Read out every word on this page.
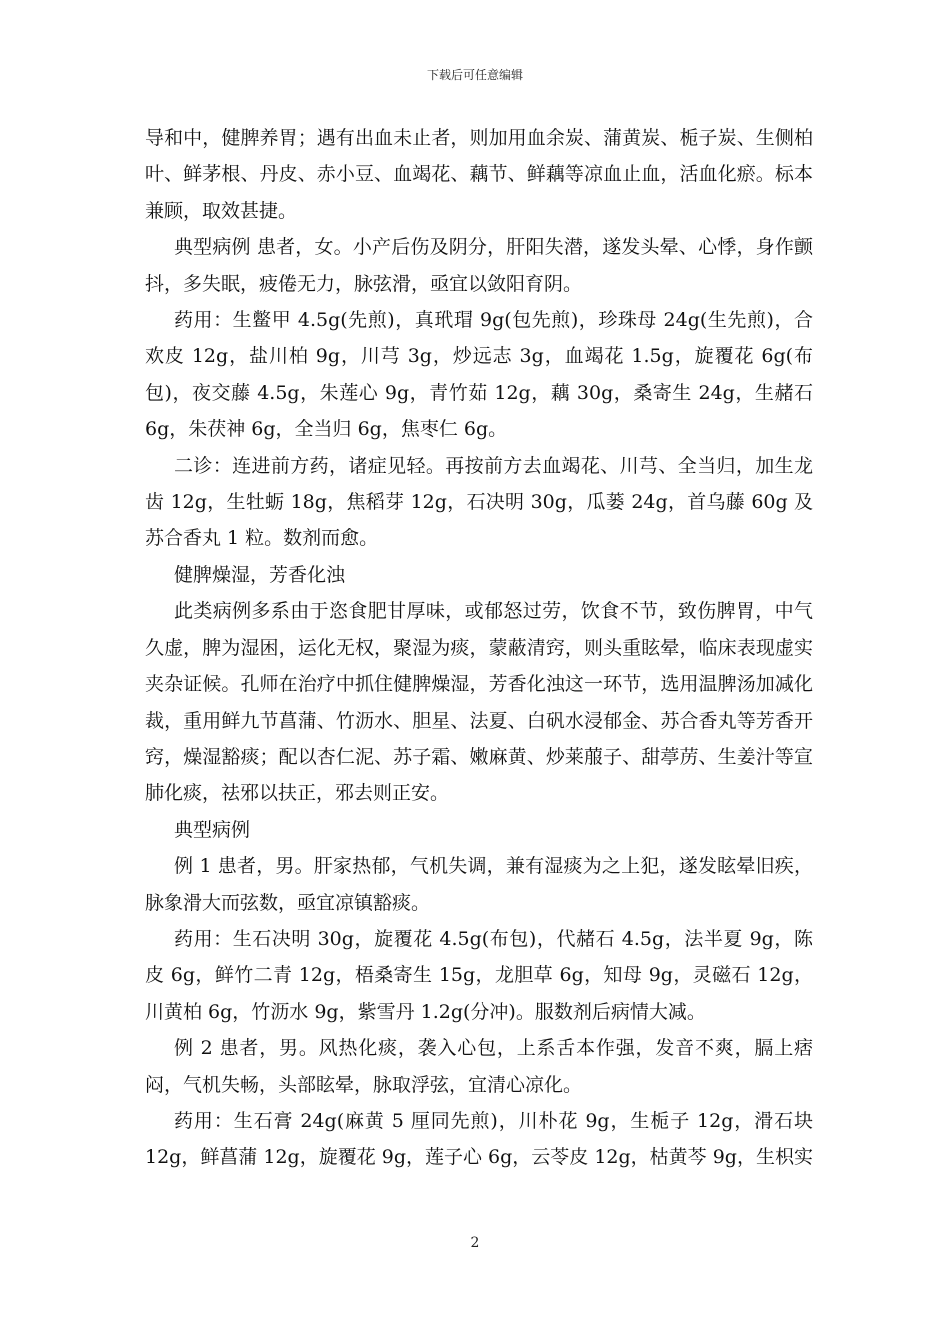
下载后可任意编辑

导和中，健脾养胃；遇有出血未止者，则加用血余炭、蒲黄炭、栀子炭、生侧柏叶、鲜茅根、丹皮、赤小豆、血竭花、藕节、鲜藕等凉血止血，活血化瘀。标本兼顾，取效甚捷。

典型病例 患者，女。小产后伤及阴分，肝阳失潜，遂发头晕、心悸，身作颤抖，多失眠，疲倦无力，脉弦滑，亟宜以敛阳育阴。

药用：生鳖甲 4.5g(先煎)，真玳瑁 9g(包先煎)，珍珠母 24g(生先煎)，合欢皮 12g，盐川柏 9g，川芎 3g，炒远志 3g，血竭花 1.5g，旋覆花 6g(布包)，夜交藤 4.5g，朱莲心 9g，青竹茹 12g，藕 30g，桑寄生 24g，生赭石 6g，朱茯神 6g，全当归 6g，焦枣仁 6g。

二诊：连进前方药，诸症见轻。再按前方去血竭花、川芎、全当归，加生龙齿 12g，生牡蛎 18g，焦稻芽 12g，石决明 30g，瓜蒌 24g，首乌藤 60g 及苏合香丸 1 粒。数剂而愈。

健脾燥湿，芳香化浊

此类病例多系由于恣食肥甘厚味，或郁怒过劳，饮食不节，致伤脾胃，中气久虚，脾为湿困，运化无权，聚湿为痰，蒙蔽清窍，则头重眩晕，临床表现虚实夹杂证候。孔师在治疗中抓住健脾燥湿，芳香化浊这一环节，选用温脾汤加减化裁，重用鲜九节菖蒲、竹沥水、胆星、法夏、白矾水浸郁金、苏合香丸等芳香开窍，燥湿豁痰；配以杏仁泥、苏子霜、嫩麻黄、炒莱菔子、甜葶苈、生姜汁等宣肺化痰，祛邪以扶正，邪去则正安。

典型病例

例 1 患者，男。肝家热郁，气机失调，兼有湿痰为之上犯，遂发眩晕旧疾，脉象滑大而弦数，亟宜凉镇豁痰。

药用：生石决明 30g，旋覆花 4.5g(布包)，代赭石 4.5g，法半夏 9g，陈皮 6g，鲜竹二青 12g，梧桑寄生 15g，龙胆草 6g，知母 9g，灵磁石 12g，川黄柏 6g，竹沥水 9g，紫雪丹 1.2g(分冲)。服数剂后病情大减。

例 2 患者，男。风热化痰，袭入心包，上系舌本作强，发音不爽，膈上痞闷，气机失畅，头部眩晕，脉取浮弦，宜清心凉化。

药用：生石膏 24g(麻黄 5 厘同先煎)，川朴花 9g，生栀子 12g，滑石块 12g，鲜菖蒲 12g，旋覆花 9g，莲子心 6g，云苓皮 12g，枯黄芩 9g，生枳实

2
